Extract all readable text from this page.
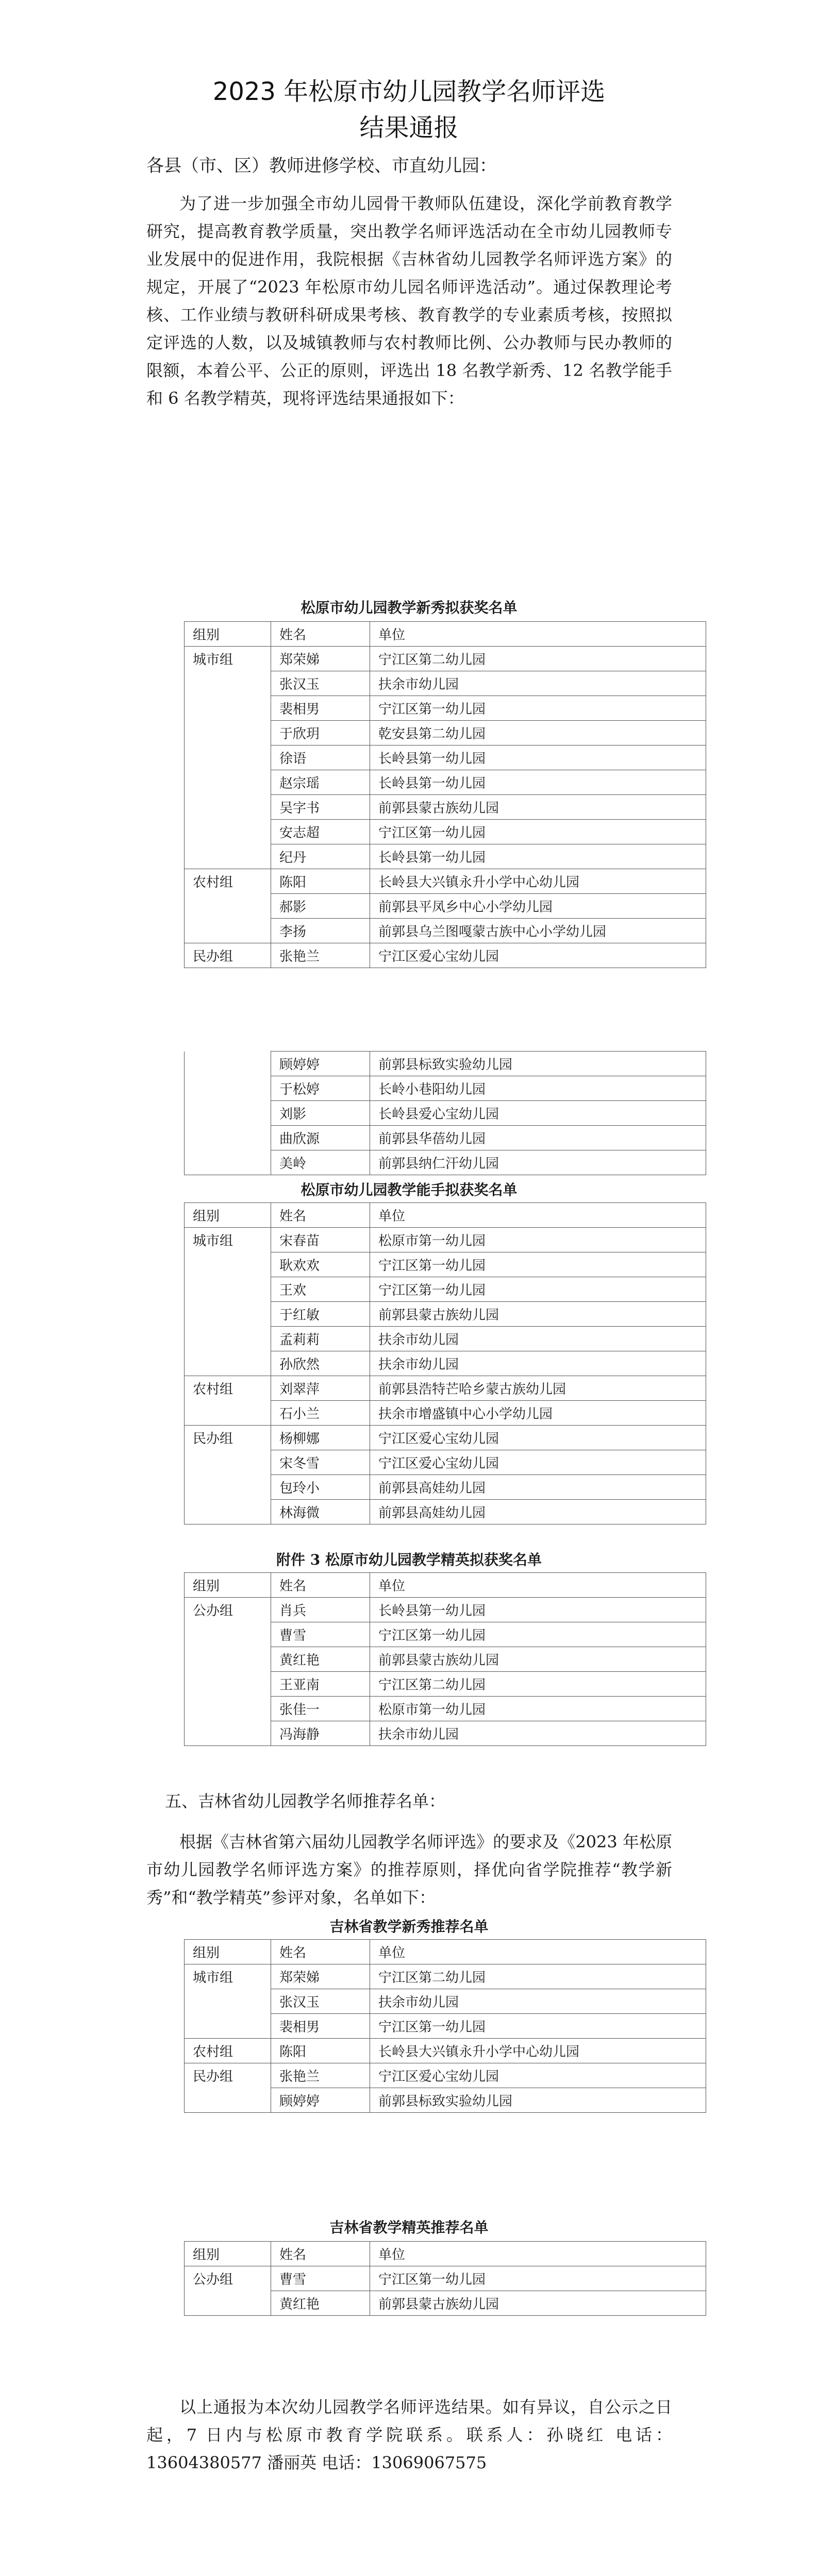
2023 年松原市幼儿园教学名师评选
结果通报
各县（市、区）教师进修学校、市直幼儿园：
为了进一步加强全市幼儿园骨干教师队伍建设，深化学前教育教学研究，提高教育教学质量，突出教学名师评选活动在全市幼儿园教师专业发展中的促进作用，我院根据《吉林省幼儿园教学名师评选方案》的规定，开展了“2023 年松原市幼儿园名师评选活动”。通过保教理论考核、工作业绩与教研科研成果考核、教育教学的专业素质考核，按照拟定评选的人数，以及城镇教师与农村教师比例、公办教师与民办教师的限额，本着公平、公正的原则，评选出 18 名教学新秀、12 名教学能手和 6 名教学精英，现将评选结果通报如下：
松原市幼儿园教学新秀拟获奖名单
组别	姓名	单位
城市组	郑荣娣	宁江区第二幼儿园
	张汉玉	扶余市幼儿园
	裴相男	宁江区第一幼儿园
	于欣玥	乾安县第二幼儿园
	徐语	长岭县第一幼儿园
	赵宗瑶	长岭县第一幼儿园
	吴字书	前郭县蒙古族幼儿园
	安志超	宁江区第一幼儿园
	纪丹	长岭县第一幼儿园
农村组	陈阳	长岭县大兴镇永升小学中心幼儿园
	郝影	前郭县平凤乡中心小学幼儿园
	李扬	前郭县乌兰图嘎蒙古族中心小学幼儿园
民办组	张艳兰	宁江区爱心宝幼儿园
	顾婷婷	前郭县标致实验幼儿园
	于松婷	长岭小巷阳幼儿园
	刘影	长岭县爱心宝幼儿园
	曲欣源	前郭县华蓓幼儿园
	美岭	前郭县纳仁汗幼儿园
松原市幼儿园教学能手拟获奖名单
组别	姓名	单位
城市组	宋春苗	松原市第一幼儿园
	耿欢欢	宁江区第一幼儿园
	王欢	宁江区第一幼儿园
	于红敏	前郭县蒙古族幼儿园
	孟莉莉	扶余市幼儿园
	孙欣然	扶余市幼儿园
农村组	刘翠萍	前郭县浩特芒哈乡蒙古族幼儿园
	石小兰	扶余市增盛镇中心小学幼儿园
民办组	杨柳娜	宁江区爱心宝幼儿园
	宋冬雪	宁江区爱心宝幼儿园
	包玲小	前郭县高娃幼儿园
	林海微	前郭县高娃幼儿园
附件 3 松原市幼儿园教学精英拟获奖名单
组别	姓名	单位
公办组	肖兵	长岭县第一幼儿园
	曹雪	宁江区第一幼儿园
	黄红艳	前郭县蒙古族幼儿园
	王亚南	宁江区第二幼儿园
	张佳一	松原市第一幼儿园
	冯海静	扶余市幼儿园
五、吉林省幼儿园教学名师推荐名单：
根据《吉林省第六届幼儿园教学名师评选》的要求及《2023 年松原市幼儿园教学名师评选方案》的推荐原则，择优向省学院推荐“教学新秀”和“教学精英”参评对象，名单如下：
吉林省教学新秀推荐名单
组别	姓名	单位
城市组	郑荣娣	宁江区第二幼儿园
	张汉玉	扶余市幼儿园
	裴相男	宁江区第一幼儿园
农村组	陈阳	长岭县大兴镇永升小学中心幼儿园
民办组	张艳兰	宁江区爱心宝幼儿园
	顾婷婷	前郭县标致实验幼儿园
吉林省教学精英推荐名单
组别	姓名	单位
公办组	曹雪	宁江区第一幼儿园
	黄红艳	前郭县蒙古族幼儿园
以上通报为本次幼儿园教学名师评选结果。如有异议，自公示之日起，7 日内与松原市教育学院联系。联系人：孙晓红 电话：13604380577 潘丽英 电话：13069067575
